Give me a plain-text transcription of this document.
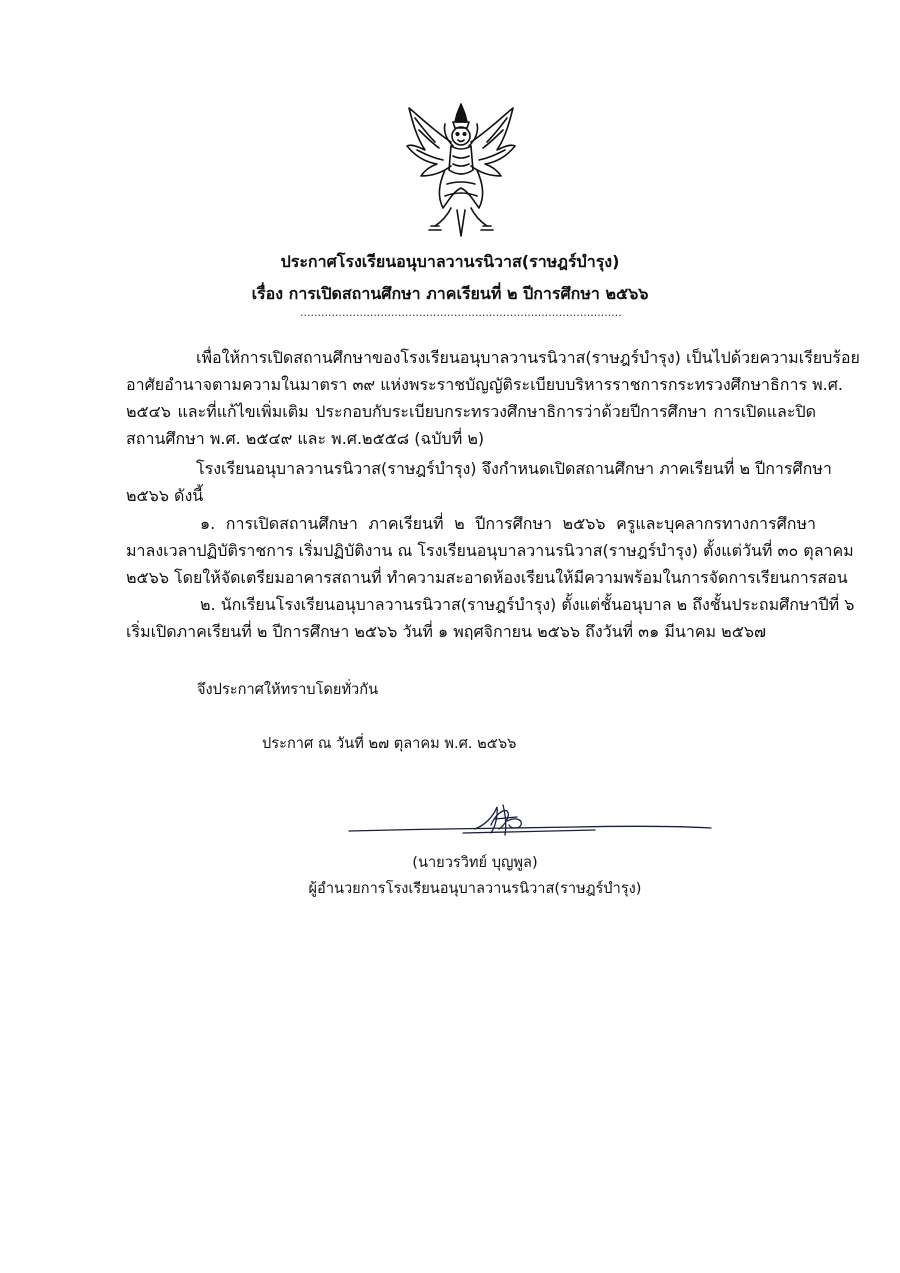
ประกาศโรงเรียนอนุบาลวานรนิวาส(ราษฎร์บำรุง)
เรื่อง การเปิดสถานศึกษา ภาคเรียนที่ ๒ ปีการศึกษา ๒๕๖๖
............................................................................................
เพื่อให้การเปิดสถานศึกษาของโรงเรียนอนุบาลวานรนิวาส(ราษฎร์บำรุง) เป็นไปด้วยความเรียบร้อย
อาศัยอำนาจตามความในมาตรา ๓๙ แห่งพระราชบัญญัติระเบียบบริหารราชการกระทรวงศึกษาธิการ พ.ศ.
๒๕๔๖ และที่แก้ไขเพิ่มเติม ประกอบกับระเบียบกระทรวงศึกษาธิการว่าด้วยปีการศึกษา การเปิดและปิด
สถานศึกษา พ.ศ. ๒๕๔๙ และ พ.ศ.๒๕๕๘ (ฉบับที่ ๒)
โรงเรียนอนุบาลวานรนิวาส(ราษฎร์บำรุง) จึงกำหนดเปิดสถานศึกษา ภาคเรียนที่ ๒ ปีการศึกษา
๒๕๖๖ ดังนี้
๑. การเปิดสถานศึกษา ภาคเรียนที่ ๒ ปีการศึกษา ๒๕๖๖ ครูและบุคลากรทางการศึกษา
มาลงเวลาปฏิบัติราชการ เริ่มปฏิบัติงาน ณ โรงเรียนอนุบาลวานรนิวาส(ราษฎร์บำรุง) ตั้งแต่วันที่ ๓๐ ตุลาคม
๒๕๖๖ โดยให้จัดเตรียมอาคารสถานที่ ทำความสะอาดห้องเรียนให้มีความพร้อมในการจัดการเรียนการสอน
๒. นักเรียนโรงเรียนอนุบาลวานรนิวาส(ราษฎร์บำรุง) ตั้งแต่ชั้นอนุบาล ๒ ถึงชั้นประถมศึกษาปีที่ ๖
เริ่มเปิดภาคเรียนที่ ๒ ปีการศึกษา ๒๕๖๖ วันที่ ๑ พฤศจิกายน ๒๕๖๖ ถึงวันที่ ๓๑ มีนาคม ๒๕๖๗
จึงประกาศให้ทราบโดยทั่วกัน
ประกาศ ณ วันที่ ๒๗ ตุลาคม พ.ศ. ๒๕๖๖
(นายวรวิทย์ บุญพูล)
ผู้อำนวยการโรงเรียนอนุบาลวานรนิวาส(ราษฎร์บำรุง)
